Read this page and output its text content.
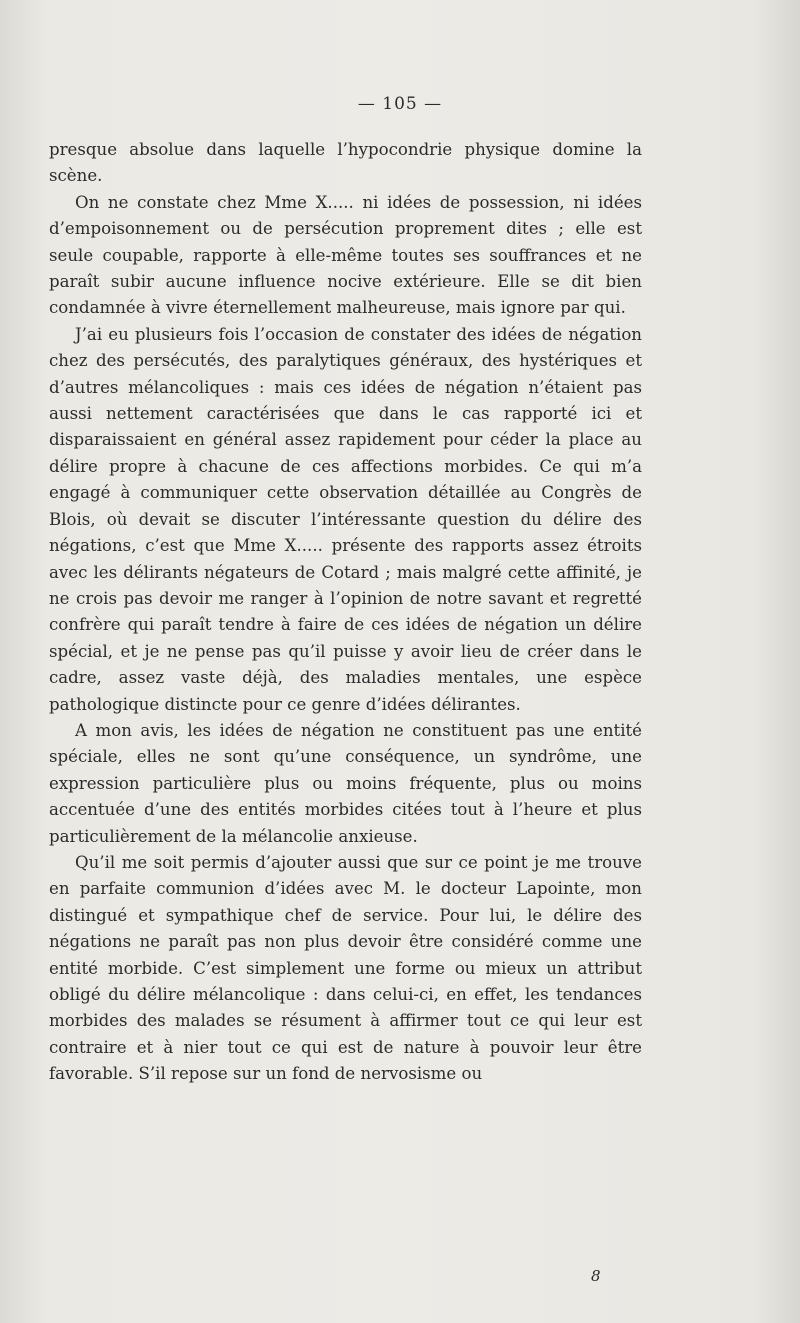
— 105 —

presque absolue dans laquelle l’hypocondrie physique domine la scène.

On ne constate chez Mme X..... ni idées de possession, ni idées d’empoisonnement ou de persécution proprement dites ; elle est seule coupable, rapporte à elle-même toutes ses souffrances et ne paraît subir aucune influence nocive extérieure. Elle se dit bien condamnée à vivre éternellement malheureuse, mais ignore par qui.

J’ai eu plusieurs fois l’occasion de constater des idées de négation chez des persécutés, des paralytiques généraux, des hystériques et d’autres mélancoliques : mais ces idées de négation n’étaient pas aussi nettement caractérisées que dans le cas rapporté ici et disparaissaient en général assez rapidement pour céder la place au délire propre à chacune de ces affections morbides. Ce qui m’a engagé à communiquer cette observation détaillée au Congrès de Blois, où devait se discuter l’intéressante question du délire des négations, c’est que Mme X..... présente des rapports assez étroits avec les délirants négateurs de Cotard ; mais malgré cette affinité, je ne crois pas devoir me ranger à l’opinion de notre savant et regretté confrère qui paraît tendre à faire de ces idées de négation un délire spécial, et je ne pense pas qu’il puisse y avoir lieu de créer dans le cadre, assez vaste déjà, des maladies mentales, une espèce pathologique distincte pour ce genre d’idées délirantes.

A mon avis, les idées de négation ne constituent pas une entité spéciale, elles ne sont qu’une conséquence, un syndrôme, une expression particulière plus ou moins fréquente, plus ou moins accentuée d’une des entités morbides citées tout à l’heure et plus particulièrement de la mélancolie anxieuse.

Qu’il me soit permis d’ajouter aussi que sur ce point je me trouve en parfaite communion d’idées avec M. le docteur Lapointe, mon distingué et sympathique chef de service. Pour lui, le délire des négations ne paraît pas non plus devoir être considéré comme une entité morbide. C’est simplement une forme ou mieux un attribut obligé du délire mélancolique : dans celui-ci, en effet, les tendances morbides des malades se résument à affirmer tout ce qui leur est contraire et à nier tout ce qui est de nature à pouvoir leur être favorable. S’il repose sur un fond de nervosisme ou

8
